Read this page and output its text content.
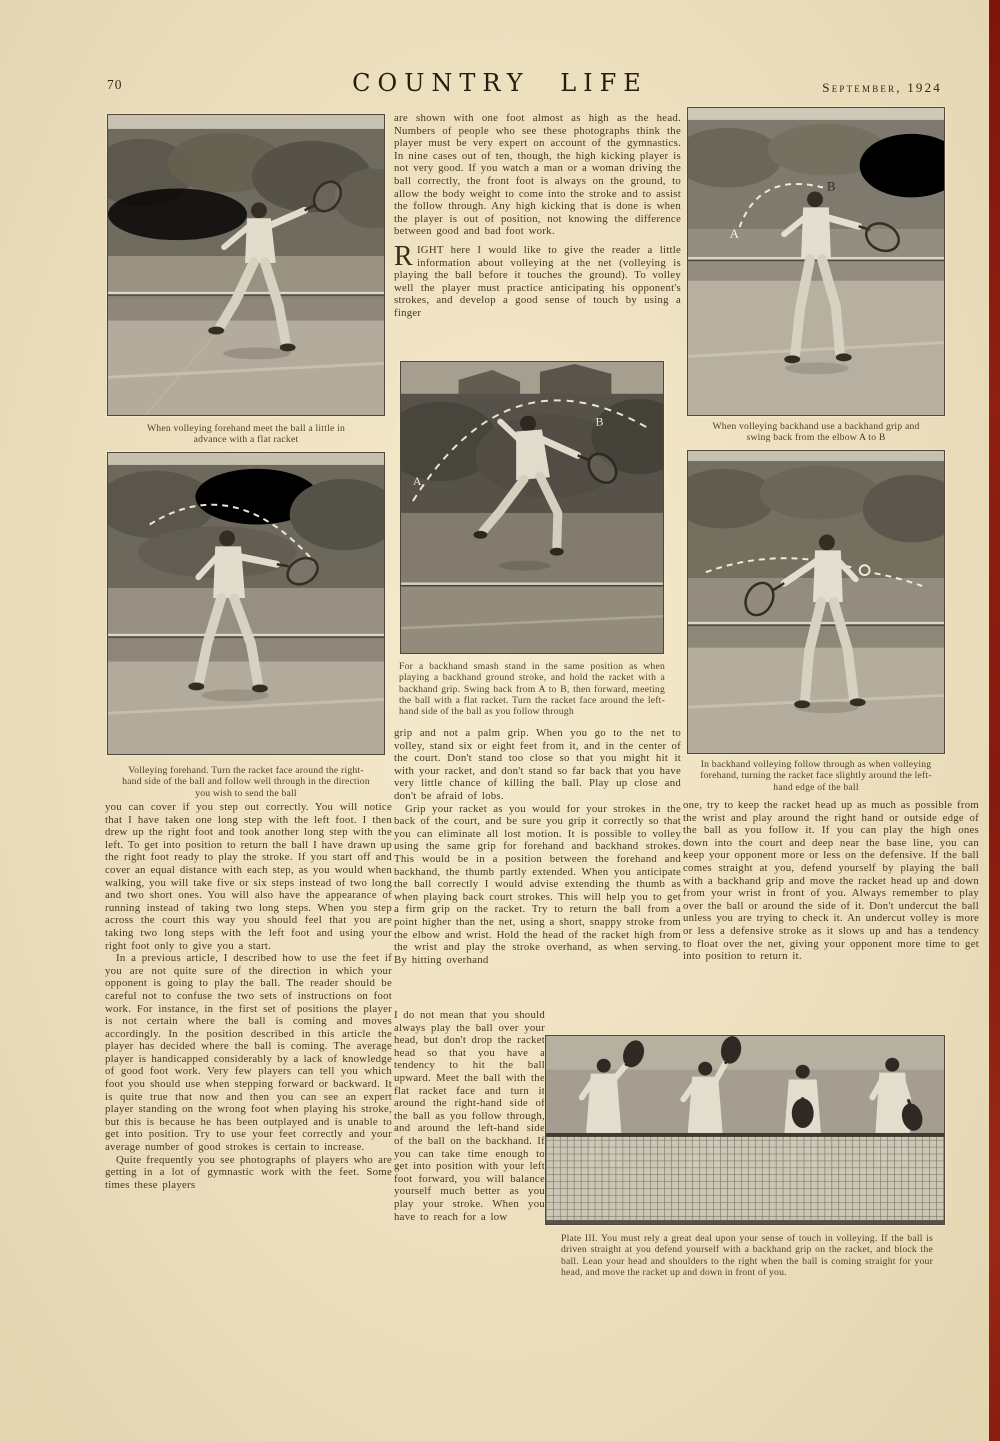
70	COUNTRY LIFE	September, 1924
When volleying forehand meet the ball a little in advance with a flat racket
A
B
When volleying backhand use a backhand grip and swing back from the elbow A to B
are shown with one foot almost as high as the head. Numbers of people who see these photographs think the player must be very expert on account of the gymnastics. In nine cases out of ten, though, the high kicking player is not very good. If you watch a man or a woman driving the ball correctly, the front foot is always on the ground, to allow the body weight to come into the stroke and to assist the follow through. Any high kicking that is done is when the player is out of position, not knowing the difference between good and bad foot work.
RIGHT here I would like to give the reader a little information about volleying at the net (volleying is playing the ball before it touches the ground). To volley well the player must practice anticipating his opponent's strokes, and develop a good sense of touch by using a finger
A
B
For a backhand smash stand in the same position as when playing a backhand ground stroke, and hold the racket with a backhand grip. Swing back from A to B, then forward, meeting the ball with a flat racket. Turn the racket face around the left-hand side of the ball as you follow through
Volleying forehand. Turn the racket face around the right-hand side of the ball and follow well through in the direction you wish to send the ball
In backhand volleying follow through as when volleying forehand, turning the racket face slightly around the left-hand edge of the ball
you can cover if you step out correctly. You will notice that I have taken one long step with the left foot. I then drew up the right foot and took another long step with the left. To get into position to return the ball I have drawn up the right foot ready to play the stroke. If you start off and cover an equal distance with each step, as you would when walking, you will take five or six steps instead of two long and two short ones. You will also have the appearance of running instead of taking two long steps. When you step across the court this way you should feel that you are taking two long steps with the left foot and using your right foot only to give you a start.
In a previous article, I described how to use the feet if you are not quite sure of the direction in which your opponent is going to play the ball. The reader should be careful not to confuse the two sets of instructions on foot work. For instance, in the first set of positions the player is not certain where the ball is coming and moves accordingly. In the position described in this article the player has decided where the ball is coming. The average player is handicapped considerably by a lack of knowledge of good foot work. Very few players can tell you which foot you should use when stepping forward or backward. It is quite true that now and then you can see an expert player standing on the wrong foot when playing his stroke, but this is because he has been outplayed and is unable to get into position. Try to use your feet correctly and your average number of good strokes is certain to increase.
Quite frequently you see photographs of players who are getting in a lot of gymnastic work with the feet. Some times these players
grip and not a palm grip. When you go to the net to volley, stand six or eight feet from it, and in the center of the court. Don't stand too close so that you might hit it with your racket, and don't stand so far back that you have very little chance of killing the ball. Play up close and don't be afraid of lobs.
Grip your racket as you would for your strokes in the back of the court, and be sure you grip it correctly so that you can eliminate all lost motion. It is possible to volley using the same grip for forehand and backhand strokes. This would be in a position between the forehand and backhand, the thumb partly extended. When you anticipate the ball correctly I would advise extending the thumb as when playing back court strokes. This will help you to get a firm grip on the racket. Try to return the ball from a point higher than the net, using a short, snappy stroke from the elbow and wrist. Hold the head of the racket high from the wrist and play the stroke overhand, as when serving. By hitting overhand
I do not mean that you should always play the ball over your head, but don't drop the racket head so that you have a tendency to hit the ball upward. Meet the ball with the flat racket face and turn it around the right-hand side of the ball as you follow through, and around the left-hand side of the ball on the backhand. If you can take time enough to get into position with your left foot forward, you will balance yourself much better as you play your stroke. When you have to reach for a low
one, try to keep the racket head up as much as possible from the wrist and play around the right hand or outside edge of the ball as you follow it. If you can play the high ones down into the court and deep near the base line, you can keep your opponent more or less on the defensive. If the ball comes straight at you, defend yourself by playing the ball with a backhand grip and move the racket head up and down from your wrist in front of you. Always remember to play over the ball or around the side of it. Don't undercut the ball unless you are trying to check it. An undercut volley is more or less a defensive stroke as it slows up and has a tendency to float over the net, giving your opponent more time to get into position to return it.
Plate III. You must rely a great deal upon your sense of touch in volleying. If the ball is driven straight at you defend yourself with a backhand grip on the racket, and block the ball. Lean your head and shoulders to the right when the ball is coming straight for your head, and move the racket up and down in front of you.
